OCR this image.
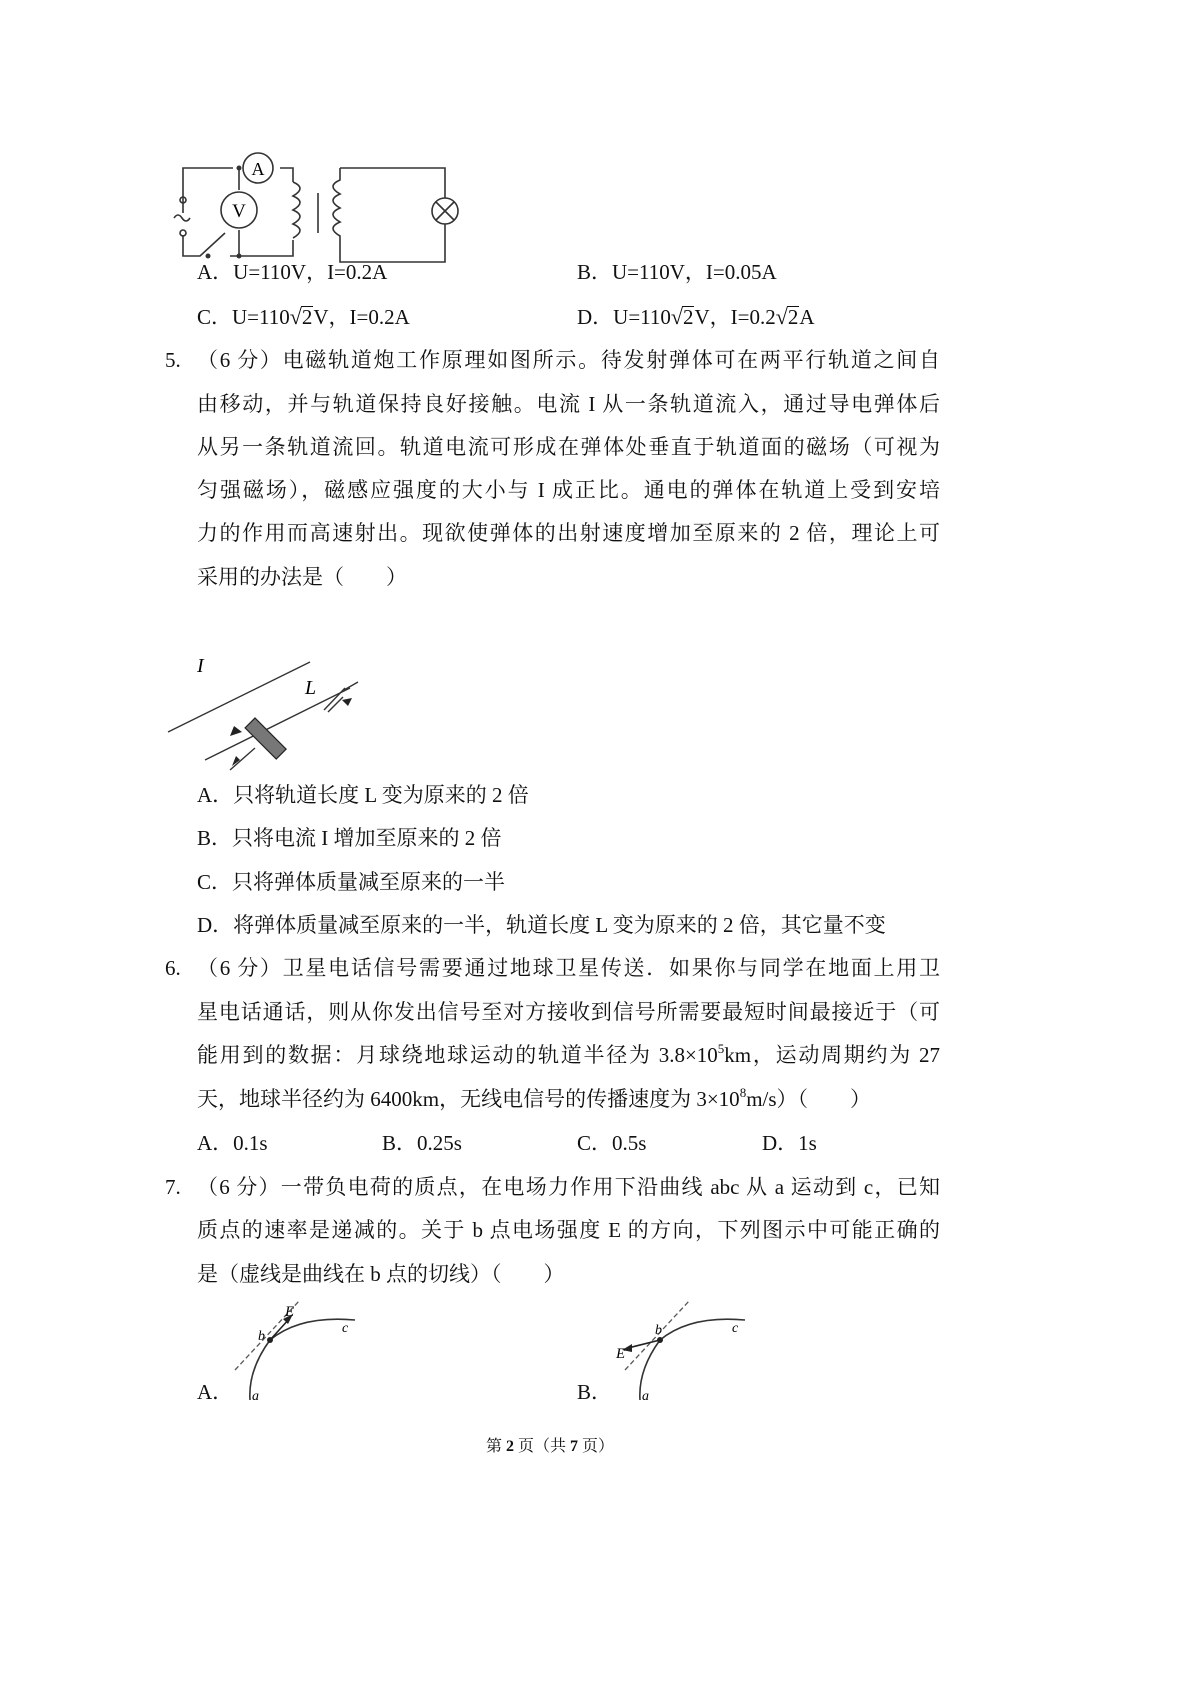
A
V
A．U=110V，I=0.2A	B．U=110V，I=0.05A
C．U=110√2V，I=0.2A	D．U=110√2V，I=0.2√2A
5. （6 分）电磁轨道炮工作原理如图所示。待发射弹体可在两平行轨道之间自
由移动，并与轨道保持良好接触。电流 I 从一条轨道流入，通过导电弹体后
从另一条轨道流回。轨道电流可形成在弹体处垂直于轨道面的磁场（可视为
匀强磁场），磁感应强度的大小与 I 成正比。通电的弹体在轨道上受到安培
力的作用而高速射出。现欲使弹体的出射速度增加至原来的 2 倍，理论上可
采用的办法是（　　）
I
L
A．只将轨道长度 L 变为原来的 2 倍
B．只将电流 I 增加至原来的 2 倍
C．只将弹体质量减至原来的一半
D．将弹体质量减至原来的一半，轨道长度 L 变为原来的 2 倍，其它量不变
6. （6 分）卫星电话信号需要通过地球卫星传送．如果你与同学在地面上用卫
星电话通话，则从你发出信号至对方接收到信号所需要最短时间最接近于（可
能用到的数据：月球绕地球运动的轨道半径为 $3.8\times 10^5km$，运动周期约为 27
天，地球半径约为 6400km，无线电信号的传播速度为 $3\times 10^8m/s$）（　　）
A．0.1s	B．0.25s	C．0.5s	D．1s
7. （6 分）一带负电荷的质点，在电场力作用下沿曲线 abc 从 a 运动到 c，已知
质点的速率是递减的。关于 b 点电场强度 E 的方向，下列图示中可能正确的
是（虚线是曲线在 b 点的切线）（　　）
A．
E
b
c
a	B．
E
b	c
a
第 2 页（共 7 页）
